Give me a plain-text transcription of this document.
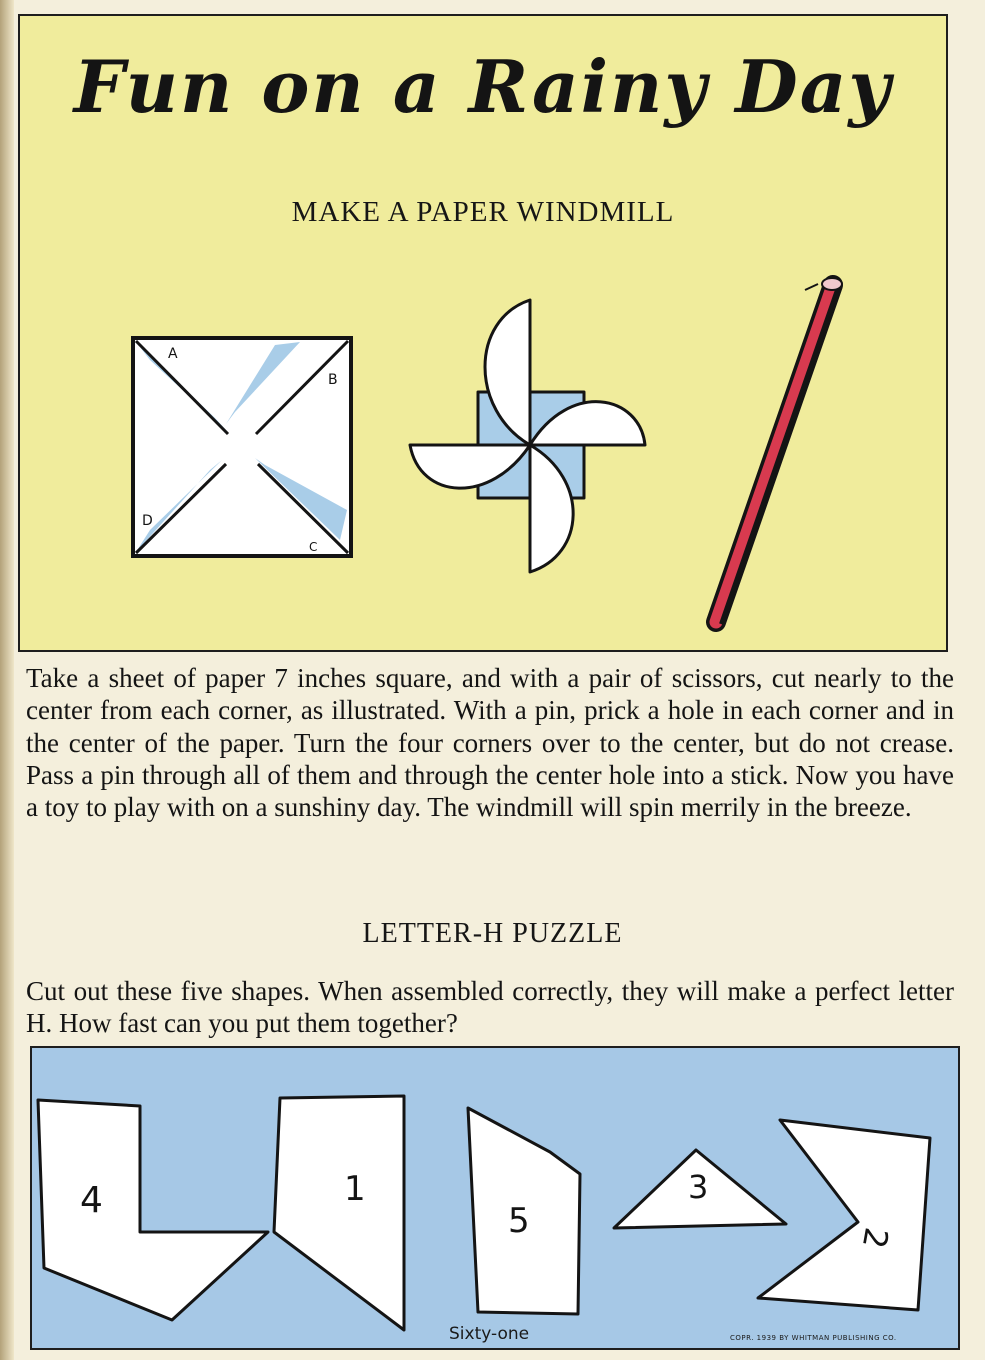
Fun on a Rainy Day
MAKE A PAPER WINDMILL
A
B
C
D

Take a sheet of paper 7 inches square, and with a pair of scissors, cut nearly to the center from each corner, as illustrated. With a pin, prick a hole in each corner and in the center of the paper. Turn the four corners over to the center, but do not crease. Pass a pin through all of them and through the center hole into a stick. Now you have a toy to play with on a sunshiny day. The windmill will spin merrily in the breeze.

LETTER-H PUZZLE

Cut out these five shapes. When assembled correctly, they will make a perfect letter H. How fast can you put them together?

4	1
5
3
2
Sixty-one	COPR. 1939 BY WHITMAN PUBLISHING CO.
